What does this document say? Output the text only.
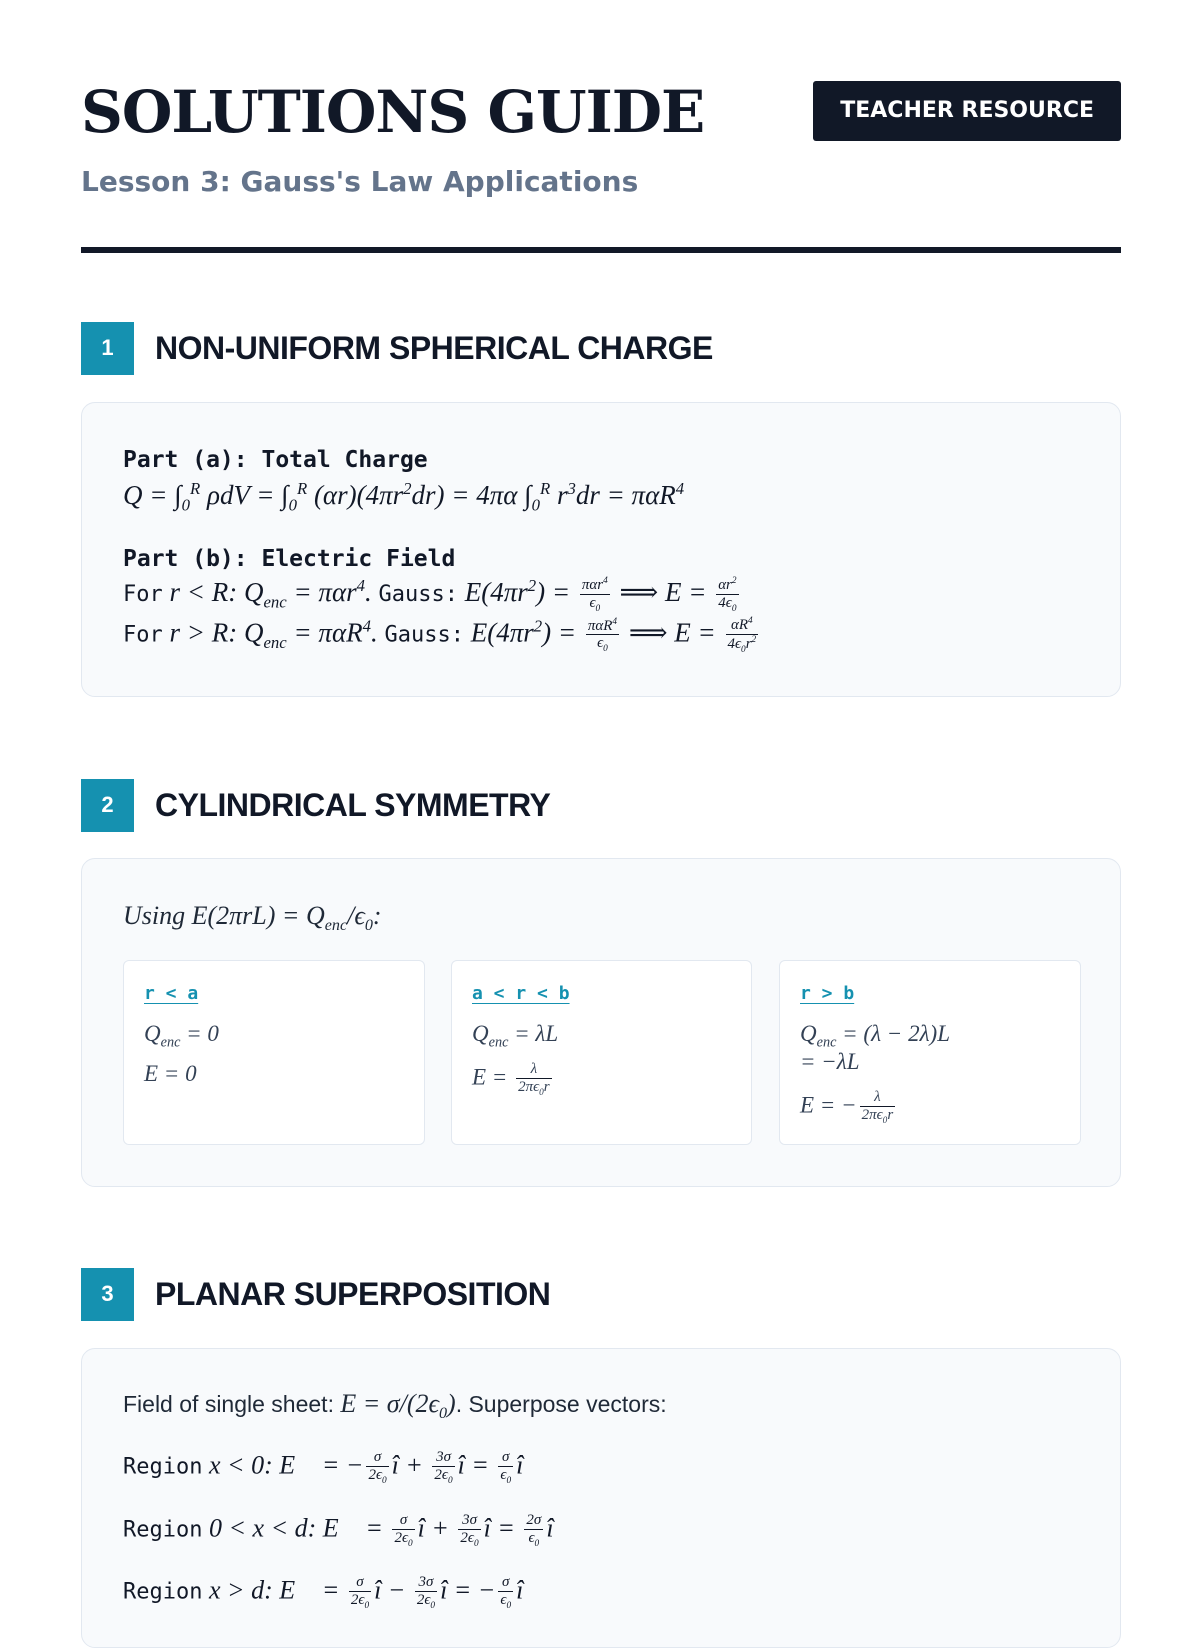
SOLUTIONS GUIDE
Lesson 3: Gauss's Law Applications
TEACHER RESOURCE
1	NON-UNIFORM SPHERICAL CHARGE
Part (a): Total Charge
$Q = \int_0^R$ $\rho dV = \int_0^R$ $(\alpha r)(4\pi r^2dr) = 4\pi\alpha$ $\int_0^R$ $r^3dr = \pi\alpha R^4$
Part (b): Electric Field
For r < R: $Q_{enc} = \pi\alpha r^4$. Gauss: $E(4\pi r^2) = \frac{\pi\alpha r^4}{\epsilon_0}$ ⟹ $E = \frac{\alpha r^2}{4\epsilon_0}$
For r > R: $Q_{enc} = \pi\alpha R^4$. Gauss: $E(4\pi r^2) = \frac{\pi\alpha R^4}{\epsilon_0}$ ⟹ $E = \frac{\alpha R^4}{4\epsilon_0r^2}$
2	CYLINDRICAL SYMMETRY
Using $E(2\pi rL) = Q_{enc}/\epsilon_0$:
r < a
$Q_{enc} = 0$
E = 0
a < r < b
$Q_{enc} = \lambda L$
$E = \frac{\lambda}{2\pi\epsilon_0r}$
r > b
$Q_{enc} = (\lambda - 2\lambda)L$
= −λL
E = − $\frac{\lambda}{2\pi\epsilon_0r}$
3	PLANAR SUPERPOSITION
Field of single sheet: $E = \sigma/(2\epsilon_0)$. Superpose vectors:
Region x < 0: E⃗ = − $\frac{\sigma}{2\epsilon_0}$ î + $\frac{3\sigma}{2\epsilon_0}$ î = $\frac{\sigma}{\epsilon_0}$ î
Region 0 < x < d: E⃗ = $\frac{\sigma}{2\epsilon_0}$ î + $\frac{3\sigma}{2\epsilon_0}$ î = $\frac{2\sigma}{\epsilon_0}$ î
Region x > d: E⃗ = $\frac{\sigma}{2\epsilon_0}$ î − $\frac{3\sigma}{2\epsilon_0}$ î = − $\frac{\sigma}{\epsilon_0}$ î
